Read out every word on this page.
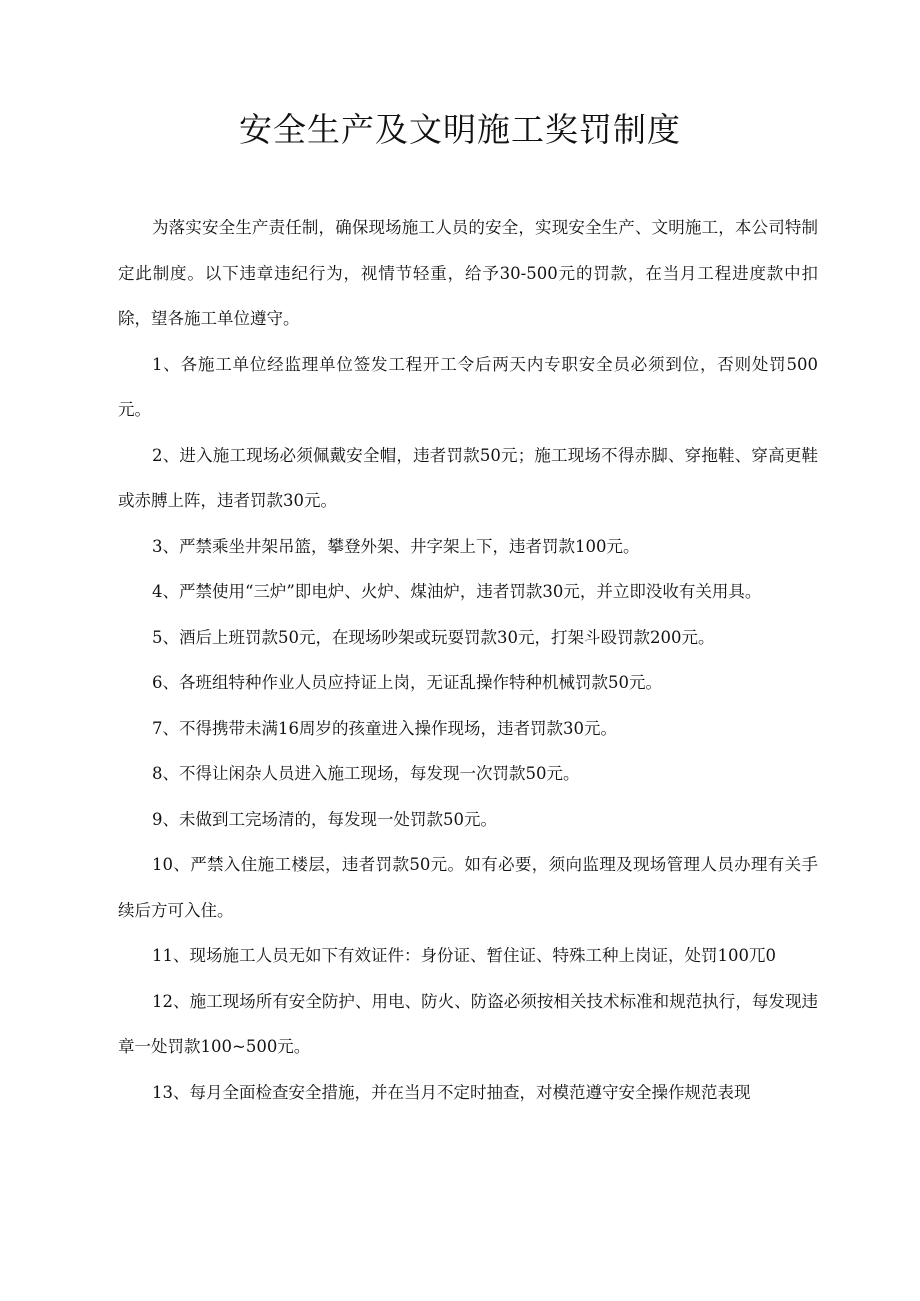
安全生产及文明施工奖罚制度

为落实安全生产责任制，确保现场施工人员的安全，实现安全生产、文明施工，本公司特制定此制度。以下违章违纪行为，视情节轻重，给予30-500元的罚款，在当月工程进度款中扣除，望各施工单位遵守。

1、各施工单位经监理单位签发工程开工令后两天内专职安全员必须到位，否则处罚500元。

2、进入施工现场必须佩戴安全帽，违者罚款50元；施工现场不得赤脚、穿拖鞋、穿高更鞋或赤膊上阵，违者罚款30元。

3、严禁乘坐井架吊篮，攀登外架、井字架上下，违者罚款100元。

4、严禁使用“三炉”即电炉、火炉、煤油炉，违者罚款30元，并立即没收有关用具。

5、酒后上班罚款50元，在现场吵架或玩耍罚款30元，打架斗殴罚款200元。

6、各班组特种作业人员应持证上岗，无证乱操作特种机械罚款50元。

7、不得携带未满16周岁的孩童进入操作现场，违者罚款30元。

8、不得让闲杂人员进入施工现场，每发现一次罚款50元。

9、未做到工完场清的，每发现一处罚款50元。

10、严禁入住施工楼层，违者罚款50元。如有必要，须向监理及现场管理人员办理有关手续后方可入住。

11、现场施工人员无如下有效证件：身份证、暂住证、特殊工种上岗证，处罚100兀0

12、施工现场所有安全防护、用电、防火、防盗必须按相关技术标准和规范执行，每发现违章一处罚款100~500元。

13、每月全面检查安全措施，并在当月不定时抽查，对模范遵守安全操作规范表现
